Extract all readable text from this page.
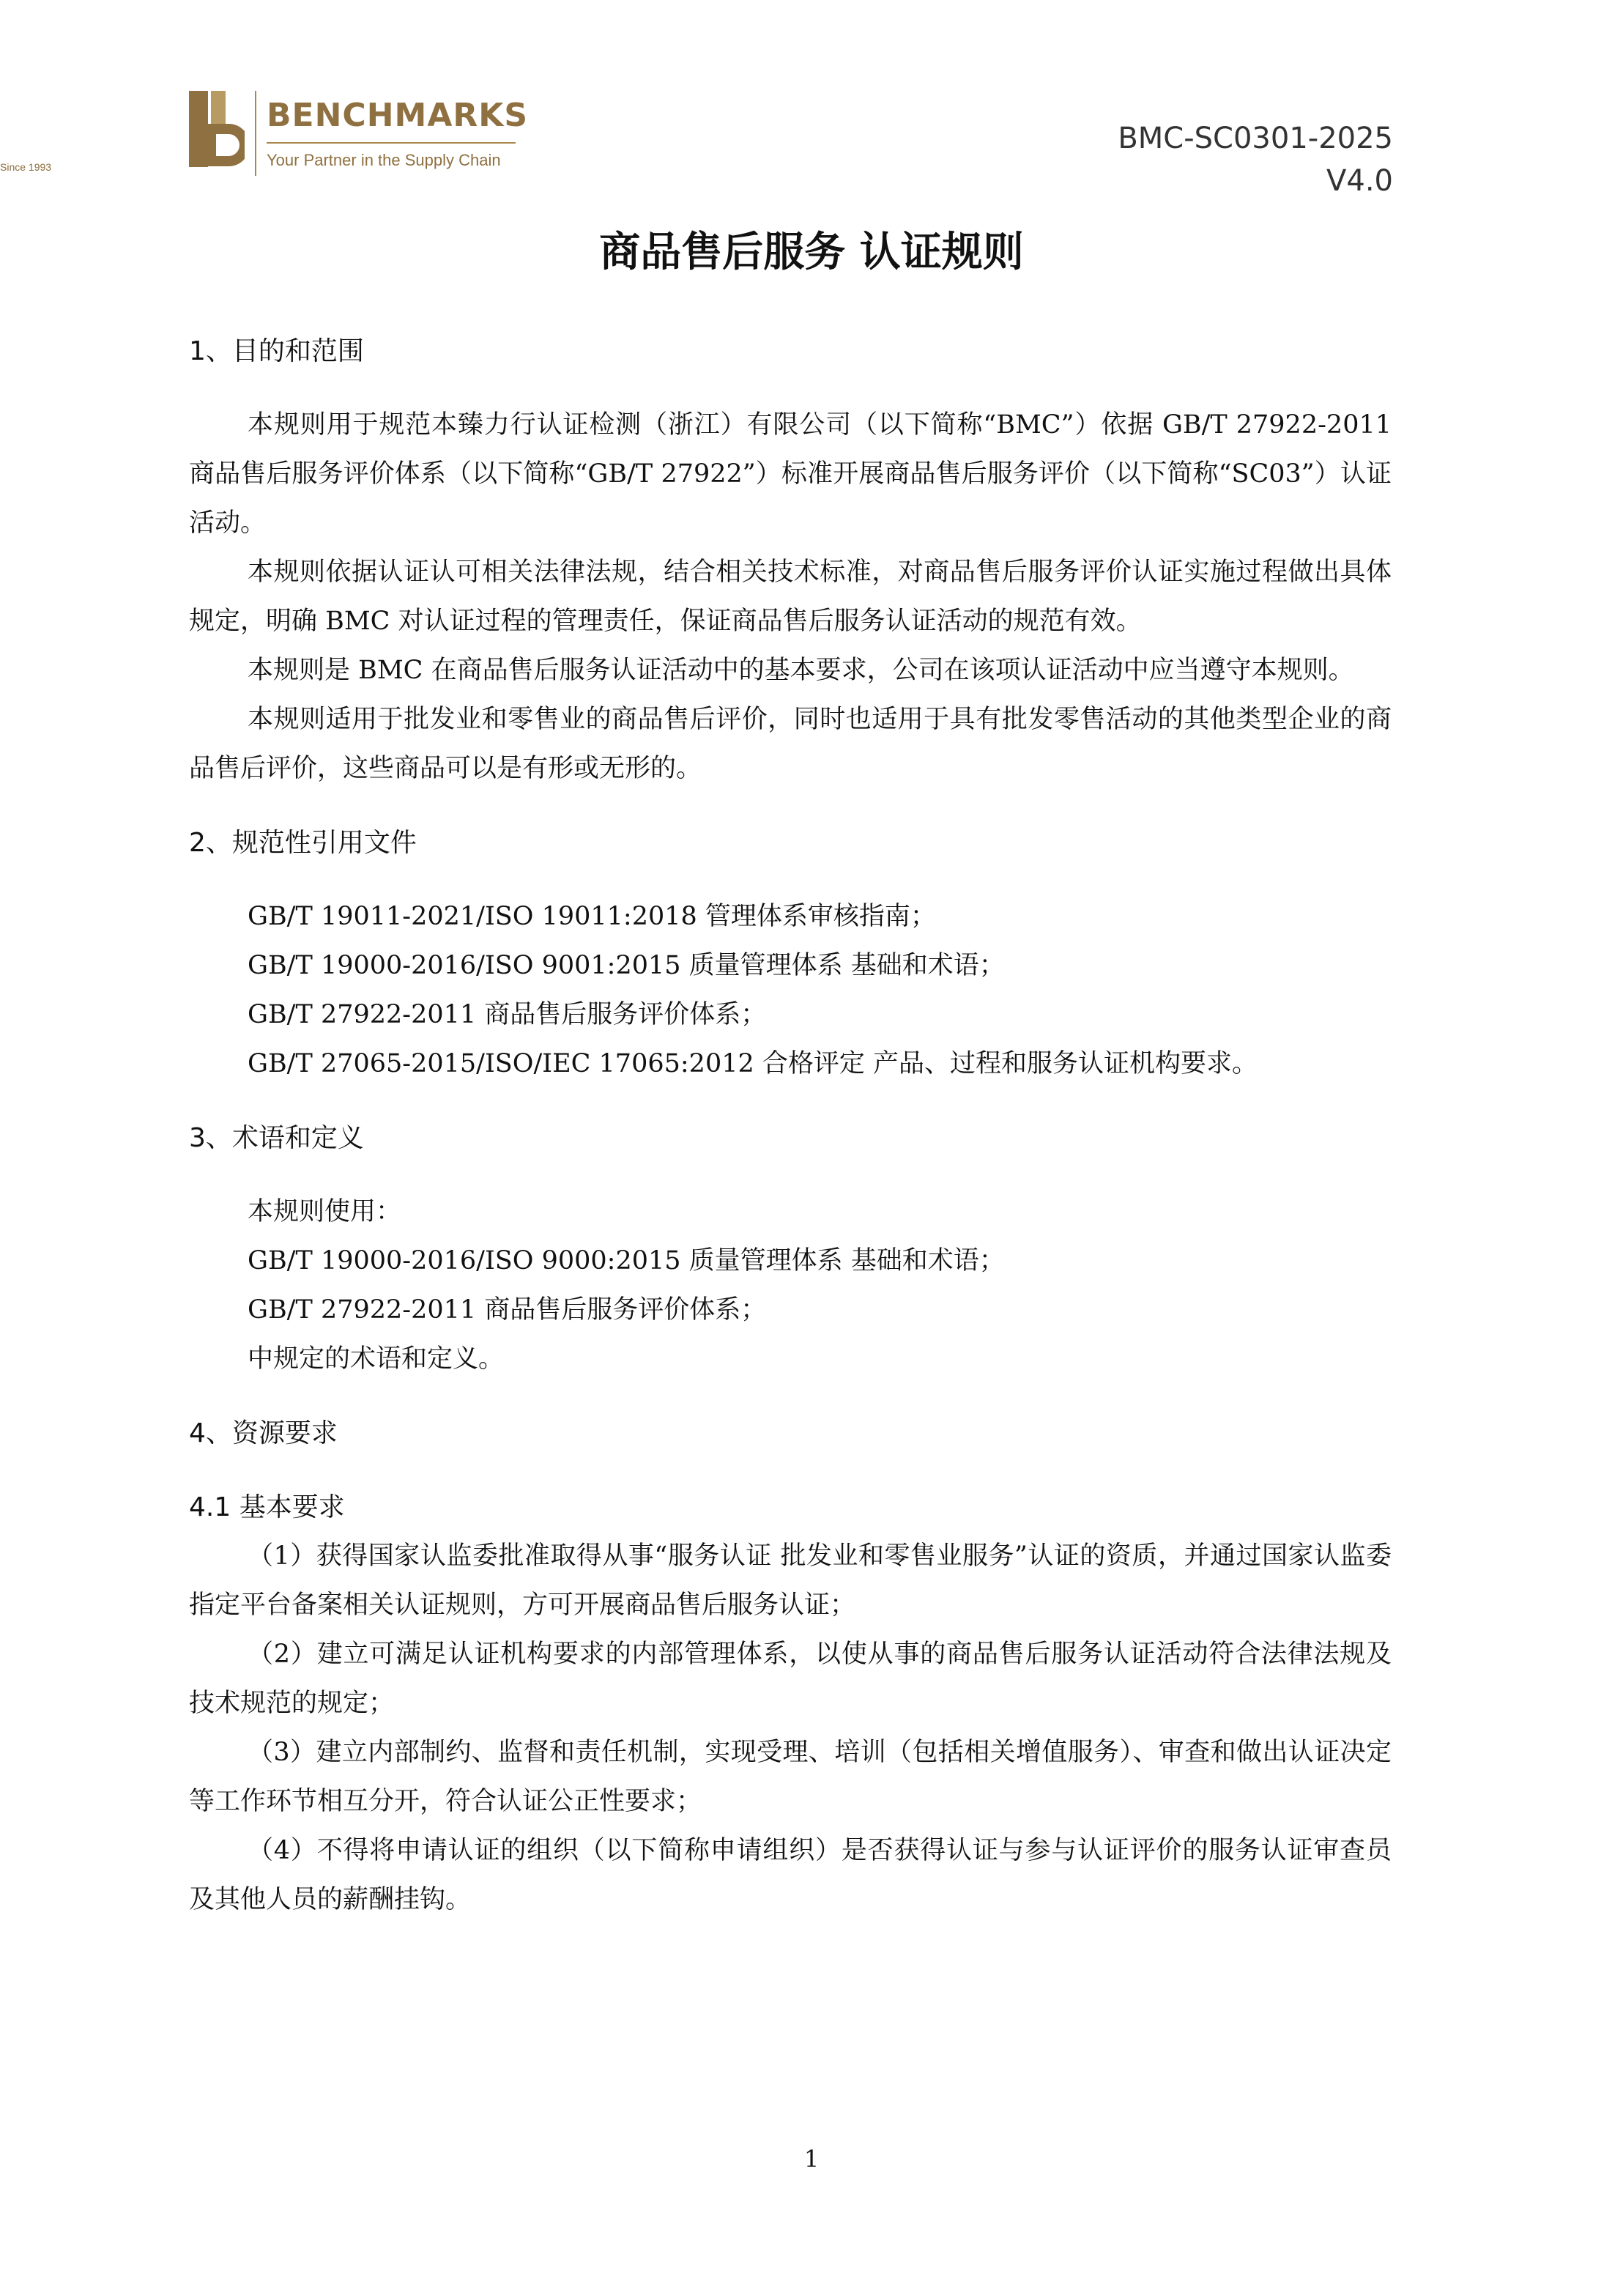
Since 1993
BENCHMARKS
Your Partner in the Supply Chain
BMC-SC0301-2025
V4.0
商品售后服务 认证规则
1、目的和范围

本规则用于规范本臻力行认证检测（浙江）有限公司（以下简称“BMC”）依据 GB/T 27922-2011 商品售后服务评价体系（以下简称“GB/T 27922”）标准开展商品售后服务评价（以下简称“SC03”）认证活动。

本规则依据认证认可相关法律法规，结合相关技术标准，对商品售后服务评价认证实施过程做出具体规定，明确 BMC 对认证过程的管理责任，保证商品售后服务认证活动的规范有效。

本规则是 BMC 在商品售后服务认证活动中的基本要求，公司在该项认证活动中应当遵守本规则。

本规则适用于批发业和零售业的商品售后评价，同时也适用于具有批发零售活动的其他类型企业的商品售后评价，这些商品可以是有形或无形的。

2、规范性引用文件

GB/T 19011-2021/ISO 19011:2018 管理体系审核指南；

GB/T 19000-2016/ISO 9001:2015 质量管理体系 基础和术语；

GB/T 27922-2011 商品售后服务评价体系；

GB/T 27065-2015/ISO/IEC 17065:2012 合格评定 产品、过程和服务认证机构要求。

3、术语和定义

本规则使用：

GB/T 19000-2016/ISO 9000:2015 质量管理体系 基础和术语；

GB/T 27922-2011 商品售后服务评价体系；

中规定的术语和定义。

4、资源要求
4.1 基本要求

（1）获得国家认监委批准取得从事“服务认证 批发业和零售业服务”认证的资质，并通过国家认监委指定平台备案相关认证规则，方可开展商品售后服务认证；

（2）建立可满足认证机构要求的内部管理体系，以使从事的商品售后服务认证活动符合法律法规及技术规范的规定；

（3）建立内部制约、监督和责任机制，实现受理、培训（包括相关增值服务）、审查和做出认证决定等工作环节相互分开，符合认证公正性要求；

（4）不得将申请认证的组织（以下简称申请组织）是否获得认证与参与认证评价的服务认证审查员及其他人员的薪酬挂钩。

1
